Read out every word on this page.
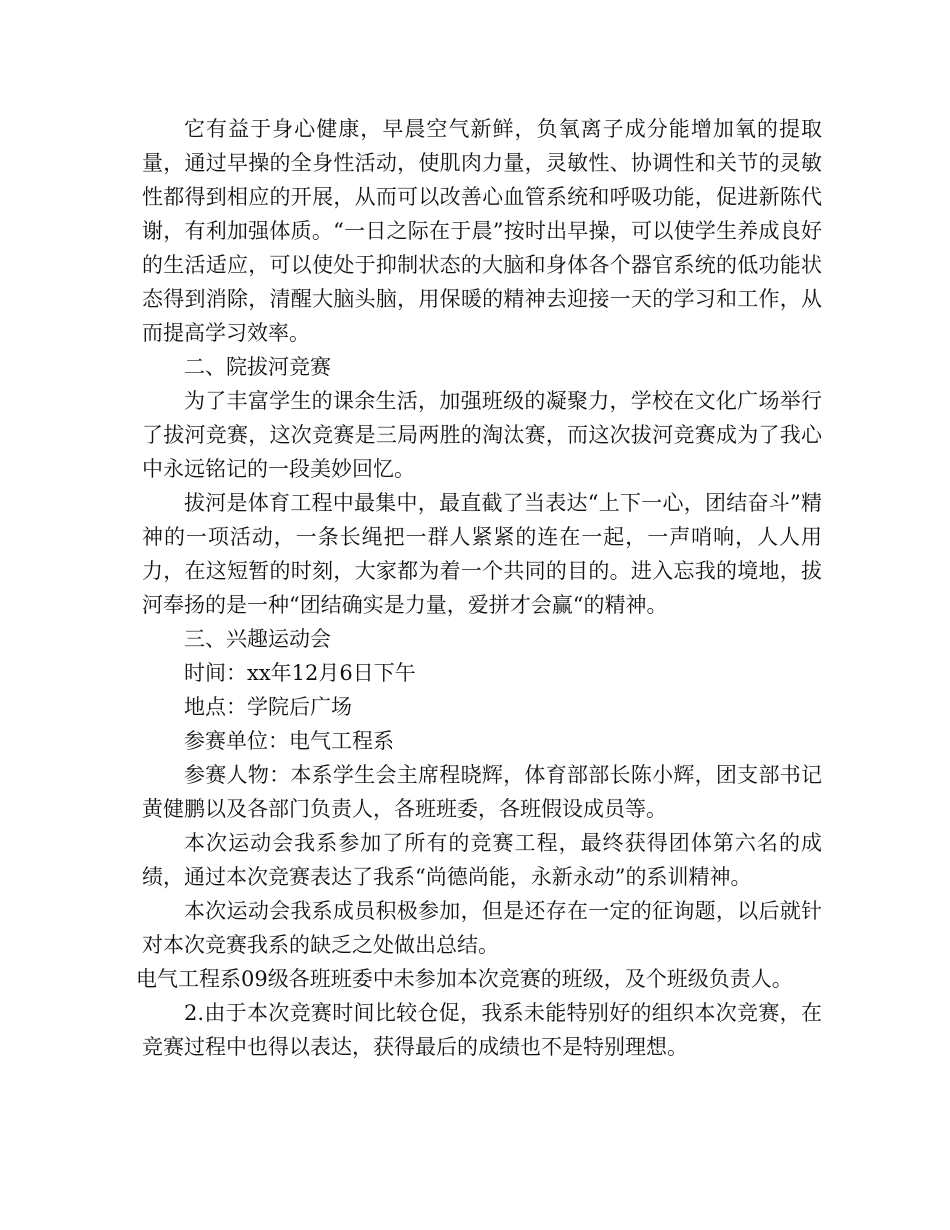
它有益于身心健康，早晨空气新鲜，负氧离子成分能增加氧的提取量，通过早操的全身性活动，使肌肉力量，灵敏性、协调性和关节的灵敏性都得到相应的开展，从而可以改善心血管系统和呼吸功能，促进新陈代谢，有利加强体质。“一日之际在于晨”按时出早操，可以使学生养成良好的生活适应，可以使处于抑制状态的大脑和身体各个器官系统的低功能状态得到消除，清醒大脑头脑，用保暖的精神去迎接一天的学习和工作，从而提高学习效率。

二、院拔河竞赛

为了丰富学生的课余生活，加强班级的凝聚力，学校在文化广场举行了拔河竞赛，这次竞赛是三局两胜的淘汰赛，而这次拔河竞赛成为了我心中永远铭记的一段美妙回忆。

拔河是体育工程中最集中，最直截了当表达“上下一心，团结奋斗”精神的一项活动，一条长绳把一群人紧紧的连在一起，一声哨响，人人用力，在这短暂的时刻，大家都为着一个共同的目的。进入忘我的境地，拔河奉扬的是一种“团结确实是力量，爱拼才会赢“的精神。

三、兴趣运动会

时间：xx年12月6日下午

地点：学院后广场

参赛单位：电气工程系

参赛人物：本系学生会主席程晓辉，体育部部长陈小辉，团支部书记黄健鹏以及各部门负责人，各班班委，各班假设成员等。

本次运动会我系参加了所有的竞赛工程，最终获得团体第六名的成绩，通过本次竞赛表达了我系“尚德尚能，永新永动”的系训精神。

本次运动会我系成员积极参加，但是还存在一定的征询题，以后就针对本次竞赛我系的缺乏之处做出总结。

电气工程系09级各班班委中未参加本次竞赛的班级，及个班级负责人。

2.由于本次竞赛时间比较仓促，我系未能特别好的组织本次竞赛，在竞赛过程中也得以表达，获得最后的成绩也不是特别理想。
